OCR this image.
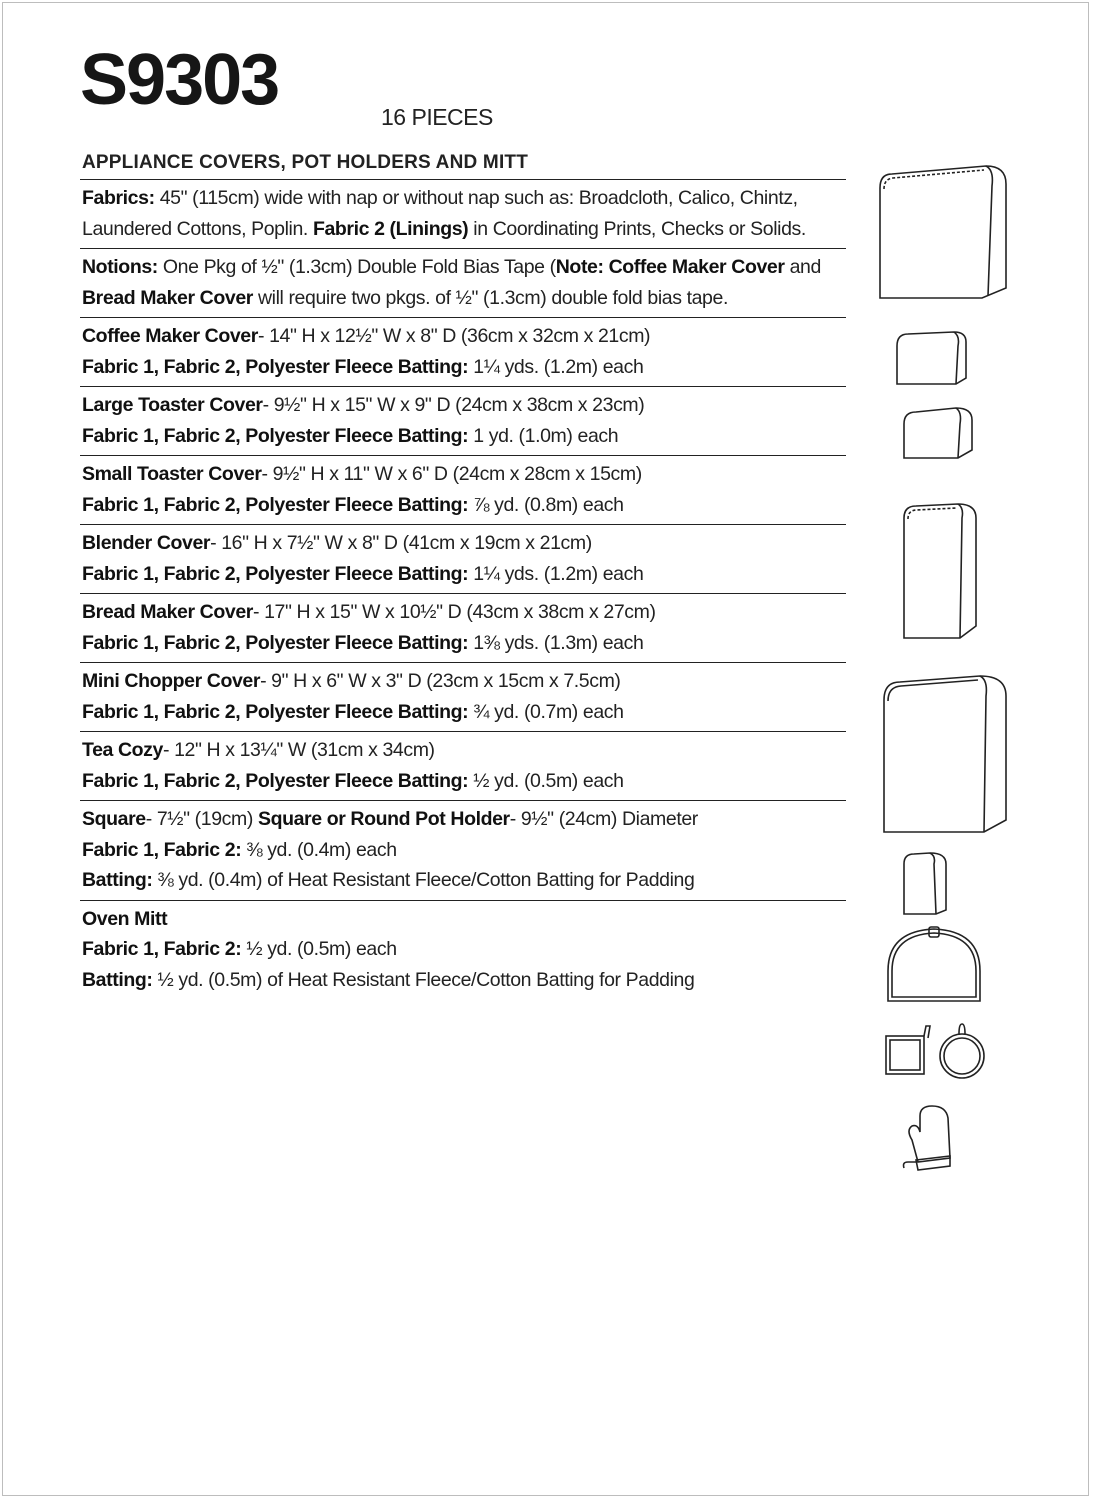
S9303	16 PIECES
APPLIANCE COVERS, POT HOLDERS AND MITT
Fabrics: 45" (115cm) wide with nap or without nap such as: Broadcloth, Calico, Chintz,
Laundered Cottons, Poplin. Fabric 2 (Linings) in Coordinating Prints, Checks or Solids.
Notions: One Pkg of ½" (1.3cm) Double Fold Bias Tape (Note: Coffee Maker Cover and
Bread Maker Cover will require two pkgs. of ½" (1.3cm) double fold bias tape.
Coffee Maker Cover- 14" H x 12½" W x 8" D (36cm x 32cm x 21cm)
Fabric 1, Fabric 2, Polyester Fleece Batting: 1¼ yds. (1.2m) each
Large Toaster Cover- 9½" H x 15" W x 9" D (24cm x 38cm x 23cm)
Fabric 1, Fabric 2, Polyester Fleece Batting: 1 yd. (1.0m) each
Small Toaster Cover- 9½" H x 11" W x 6" D (24cm x 28cm x 15cm)
Fabric 1, Fabric 2, Polyester Fleece Batting: ⅞ yd. (0.8m) each
Blender Cover- 16" H x 7½" W x 8" D (41cm x 19cm x 21cm)
Fabric 1, Fabric 2, Polyester Fleece Batting: 1¼ yds. (1.2m) each
Bread Maker Cover- 17" H x 15" W x 10½" D (43cm x 38cm x 27cm)
Fabric 1, Fabric 2, Polyester Fleece Batting: 1⅜ yds. (1.3m) each
Mini Chopper Cover- 9" H x 6" W x 3" D (23cm x 15cm x 7.5cm)
Fabric 1, Fabric 2, Polyester Fleece Batting: ¾ yd. (0.7m) each
Tea Cozy- 12" H x 13¼" W (31cm x 34cm)
Fabric 1, Fabric 2, Polyester Fleece Batting: ½ yd. (0.5m) each
Square- 7½" (19cm) Square or Round Pot Holder- 9½" (24cm) Diameter
Fabric 1, Fabric 2: ⅜ yd. (0.4m) each
Batting: ⅜ yd. (0.4m) of Heat Resistant Fleece/Cotton Batting for Padding
Oven Mitt
Fabric 1, Fabric 2: ½ yd. (0.5m) each
Batting: ½ yd. (0.5m) of Heat Resistant Fleece/Cotton Batting for Padding
